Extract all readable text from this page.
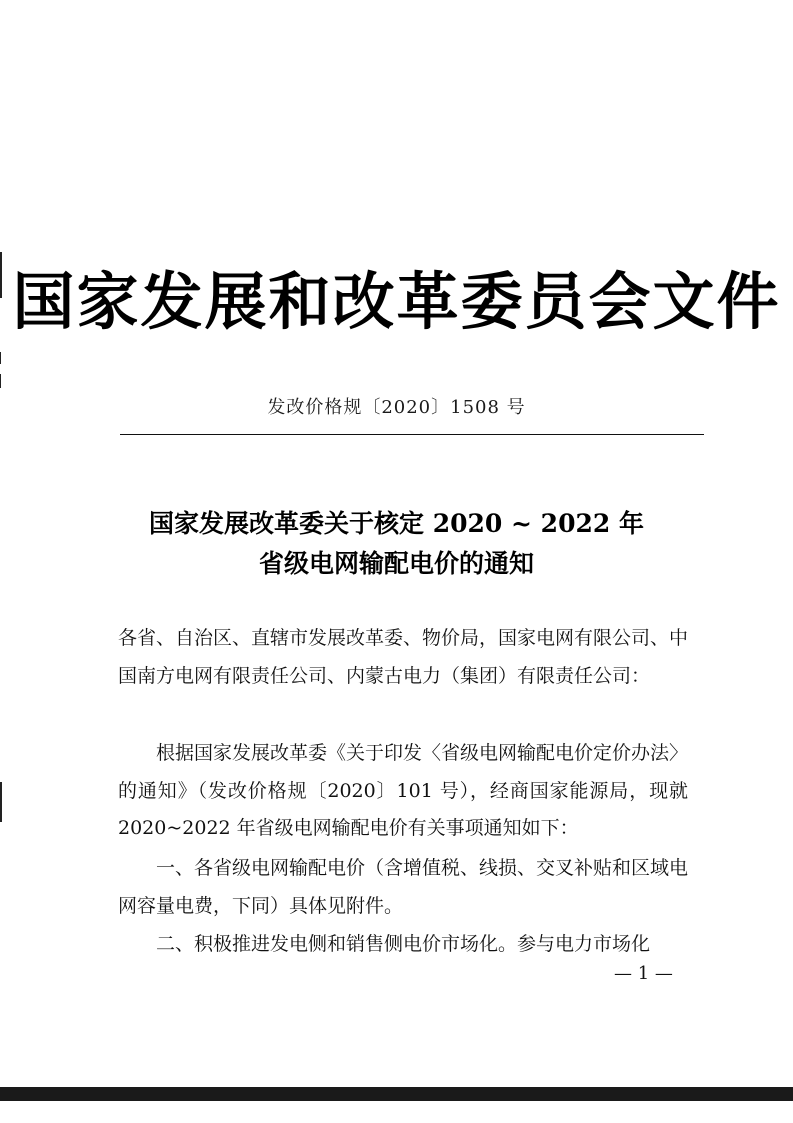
国家发展和改革委员会文件
发改价格规〔2020〕1508 号
国家发展改革委关于核定 2020 ~ 2022 年
省级电网输配电价的通知
各省、自治区、直辖市发展改革委、物价局，国家电网有限公司、中国南方电网有限责任公司、内蒙古电力（集团）有限责任公司：
根据国家发展改革委《关于印发〈省级电网输配电价定价办法〉的通知》（发改价格规〔2020〕101 号），经商国家能源局，现就 2020~2022 年省级电网输配电价有关事项通知如下：
一、各省级电网输配电价（含增值税、线损、交叉补贴和区域电网容量电费，下同）具体见附件。
二、积极推进发电侧和销售侧电价市场化。参与电力市场化
— 1 —
